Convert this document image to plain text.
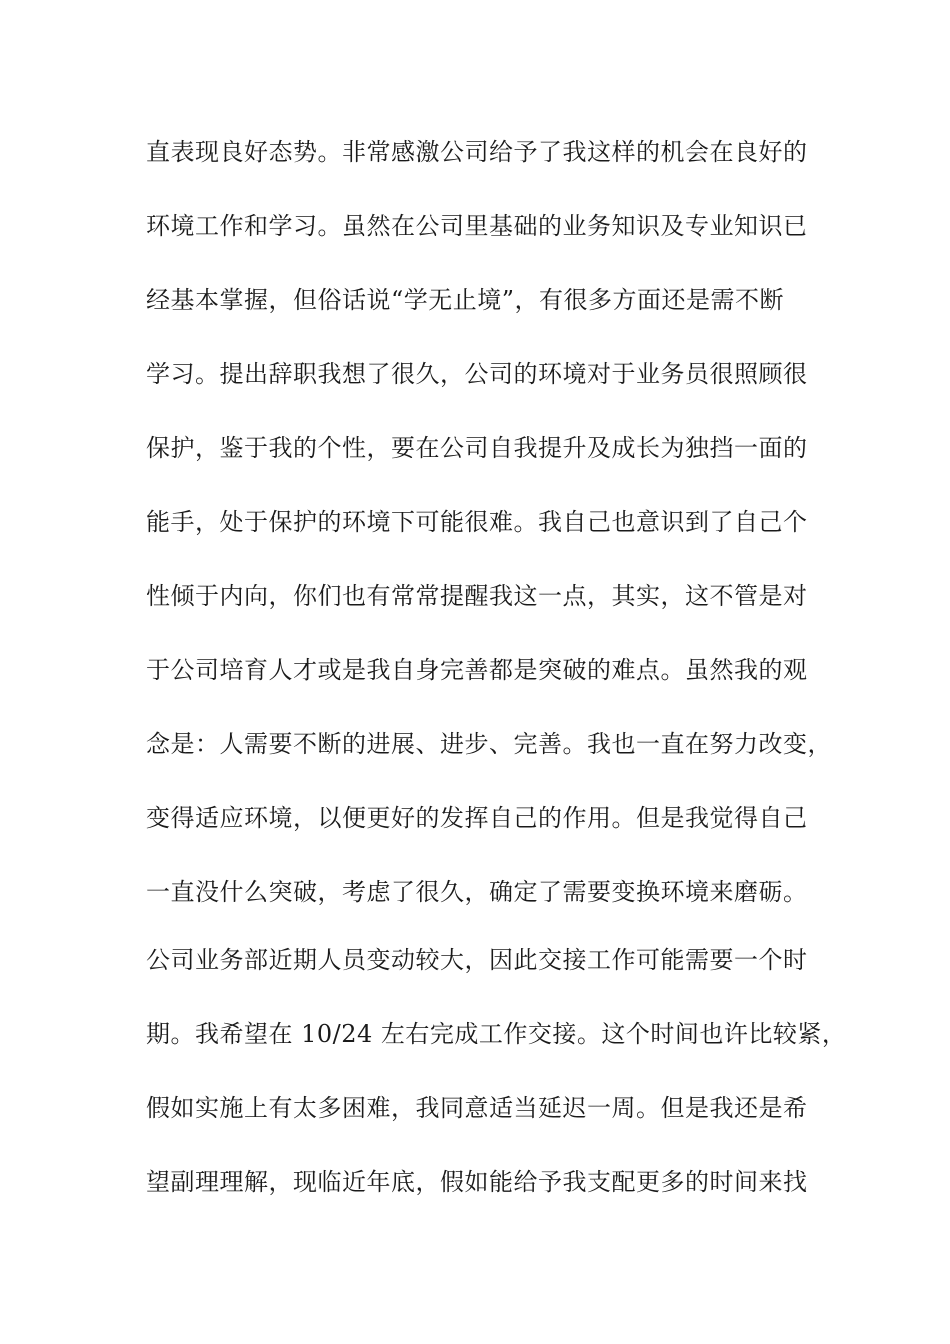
直表现良好态势。非常感激公司给予了我这样的机会在良好的
环境工作和学习。虽然在公司里基础的业务知识及专业知识已
经基本掌握，但俗话说“学无止境”，有很多方面还是需不断
学习。提出辞职我想了很久，公司的环境对于业务员很照顾很
保护，鉴于我的个性，要在公司自我提升及成长为独挡一面的
能手，处于保护的环境下可能很难。我自己也意识到了自己个
性倾于内向，你们也有常常提醒我这一点，其实，这不管是对
于公司培育人才或是我自身完善都是突破的难点。虽然我的观
念是：人需要不断的进展、进步、完善。我也一直在努力改变，
变得适应环境，以便更好的发挥自己的作用。但是我觉得自己
一直没什么突破，考虑了很久，确定了需要变换环境来磨砺。
公司业务部近期人员变动较大，因此交接工作可能需要一个时
期。我希望在 10/24 左右完成工作交接。这个时间也许比较紧，
假如实施上有太多困难，我同意适当延迟一周。但是我还是希
望副理理解，现临近年底，假如能给予我支配更多的时间来找
